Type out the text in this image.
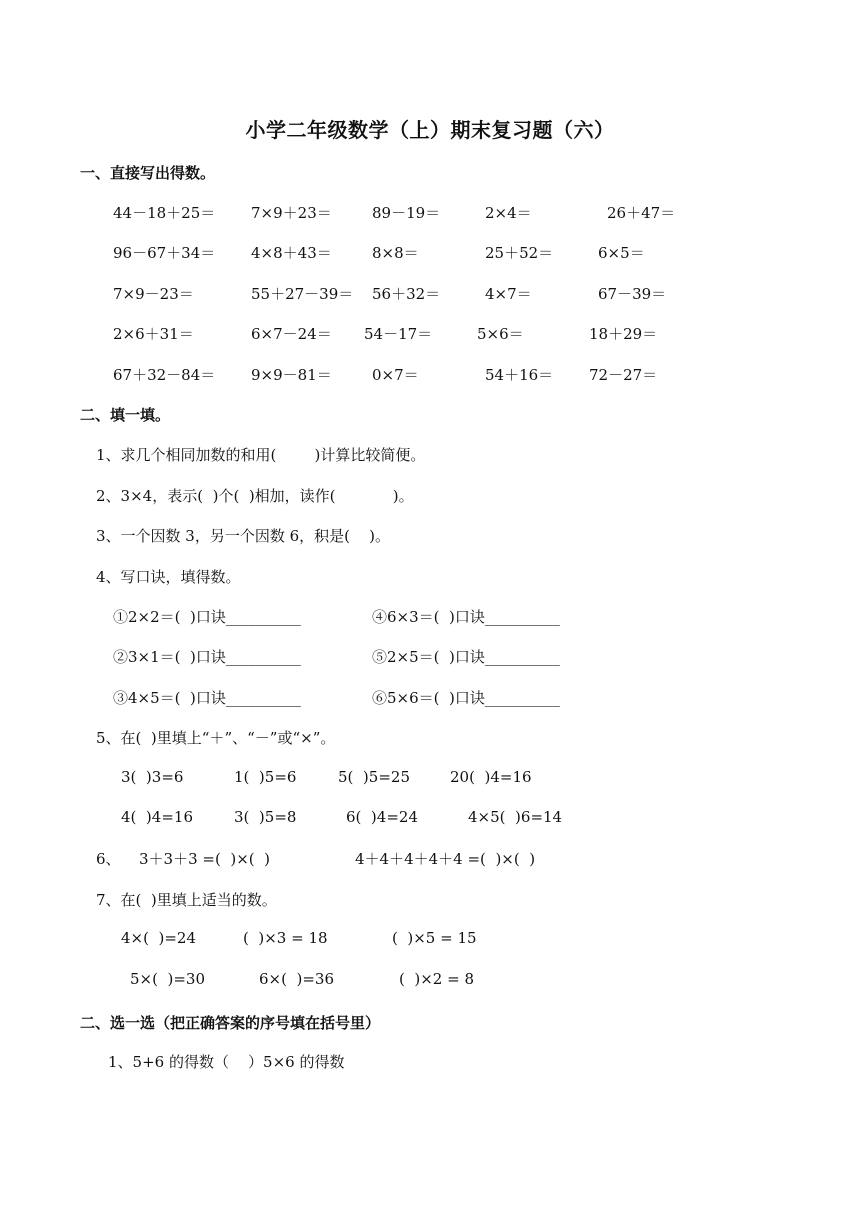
小学二年级数学（上）期末复习题（六）
一、直接写出得数。
44－18＋25＝ 7×9＋23＝	89－19＝	2×4＝	26＋47＝
96－67＋34＝ 4×8＋43＝	8×8＝	25＋52＝	6×5＝
7×9－23＝	55＋27－39＝ 56＋32＝	4×7＝	67－39＝
2×6＋31＝	6×7－24＝ 54－17＝	5×6＝	18＋29＝
67＋32－84＝ 9×9－81＝	0×7＝	54＋16＝ 72－27＝
二、填一填。
1、求几个相同加数的和用(        )计算比较简便。
2、3×4，表示(  )个(  )相加，读作(            )。
3、一个因数 3，另一个因数 6，积是(    )。
4、写口诀，填得数。
①2×2＝(  )口诀__________	④6×3＝(  )口诀__________
②3×1＝(  )口诀__________	⑤2×5＝(  )口诀__________
③4×5＝(  )口诀__________	⑥5×6＝(  )口诀__________
5、在(  )里填上“＋”、“－”或“×”。
3(  )3=6	1(  )5=6	5(  )5=25	20(  )4=16
4(  )4=16	3(  )5=8	6(  )4=24	4×5(  )6=14
6、 3＋3＋3 =(  )×(  )	4＋4＋4＋4＋4 =(  )×(  )
7、在(  )里填上适当的数。
4×(  )=24	(  )×3 = 18	(  )×5 = 15
5×(  )=30	6×(  )=36	(  )×2 = 8
二、选一选（把正确答案的序号填在括号里）
1、5+6 的得数（    ）5×6 的得数
